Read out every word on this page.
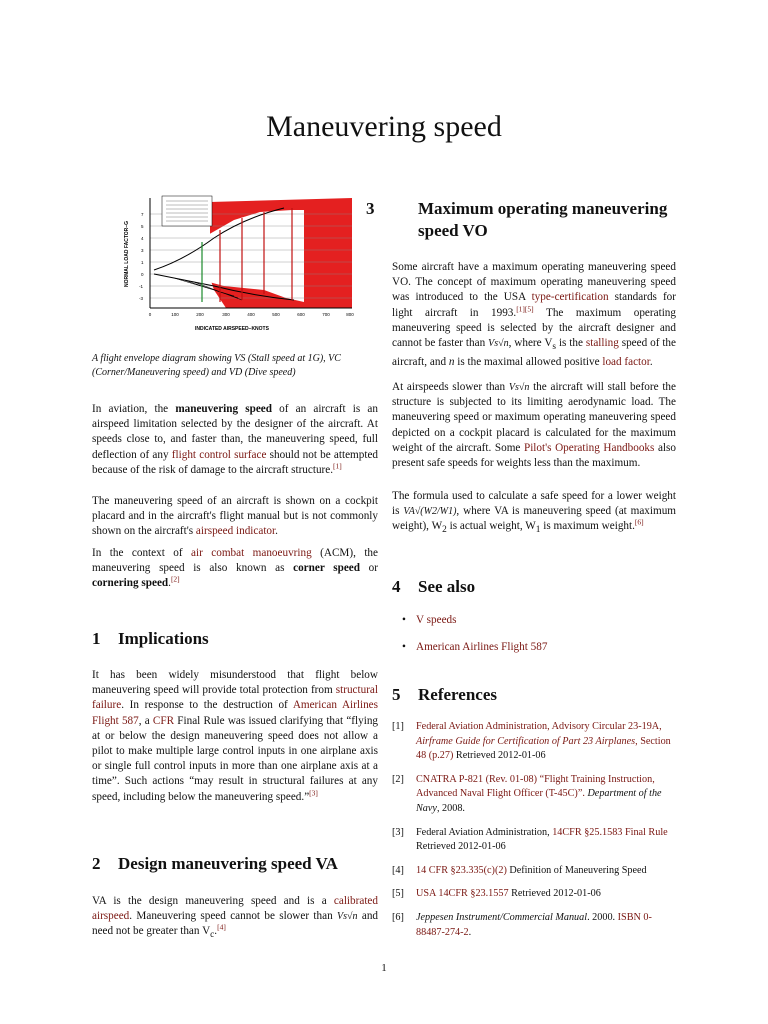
Maneuvering speed
7
5
4
3
1
0
-1
-3
0	100	200	300	400	500	600	700	800
INDICATED AIRSPEED–KNOTS
NORMAL LOAD FACTOR–G
A flight envelope diagram showing VS (Stall speed at 1G), VC (Corner/Maneuvering speed) and VD (Dive speed)

In aviation, the maneuvering speed of an aircraft is an airspeed limitation selected by the designer of the aircraft. At speeds close to, and faster than, the maneuvering speed, full deflection of any flight control surface should not be attempted because of the risk of damage to the aircraft structure.[1]

The maneuvering speed of an aircraft is shown on a cockpit placard and in the aircraft's flight manual but is not commonly shown on the aircraft's airspeed indicator.

In the context of air combat manoeuvring (ACM), the maneuvering speed is also known as corner speed or cornering speed.[2]

1 Implications

It has been widely misunderstood that flight below maneuvering speed will provide total protection from structural failure. In response to the destruction of American Airlines Flight 587, a CFR Final Rule was issued clarifying that “flying at or below the design maneuvering speed does not allow a pilot to make multiple large control inputs in one airplane axis or single full control inputs in more than one airplane axis at a time”. Such actions “may result in structural failures at any speed, including below the maneuvering speed.”[3]

2 Design maneuvering speed VA

VA is the design maneuvering speed and is a calibrated airspeed. Maneuvering speed cannot be slower than Vs√n and need not be greater than $V_c.[4]$

3	Maximum operating maneuvering speed VO

Some aircraft have a maximum operating maneuvering speed VO. The concept of maximum operating maneuvering speed was introduced to the USA type-certification standards for light aircraft in 1993.[1][5] The maximum operating maneuvering speed is selected by the aircraft designer and cannot be faster than Vs√n, where $V_s$ is the stalling speed of the aircraft, and n is the maximal allowed positive load factor.

At airspeeds slower than Vs√n the aircraft will stall before the structure is subjected to its limiting aerodynamic load. The maneuvering speed or maximum operating maneuvering speed depicted on a cockpit placard is calculated for the maximum weight of the aircraft. Some Pilot's Operating Handbooks also present safe speeds for weights less than the maximum.

The formula used to calculate a safe speed for a lower weight is VA√(W2/W1), where VA is maneuvering speed (at maximum weight), $W_2$ is actual weight, $W_1$ is maximum weight.[6]

4 See also
• V speeds
• American Airlines Flight 587
5 References
[1] Federal Aviation Administration, Advisory Circular 23-19A, Airframe Guide for Certification of Part 23 Airplanes, Section 48 (p.27) Retrieved 2012-01-06
[2] CNATRA P-821 (Rev. 01-08) “Flight Training Instruction, Advanced Naval Flight Officer (T-45C)”. Department of the Navy, 2008.
[3] Federal Aviation Administration, 14CFR §25.1583 Final Rule Retrieved 2012-01-06
[4] 14 CFR §23.335(c)(2) Definition of Maneuvering Speed
[5] USA 14CFR §23.1557 Retrieved 2012-01-06
[6] Jeppesen Instrument/Commercial Manual. 2000. ISBN 0-88487-274-2.
1
